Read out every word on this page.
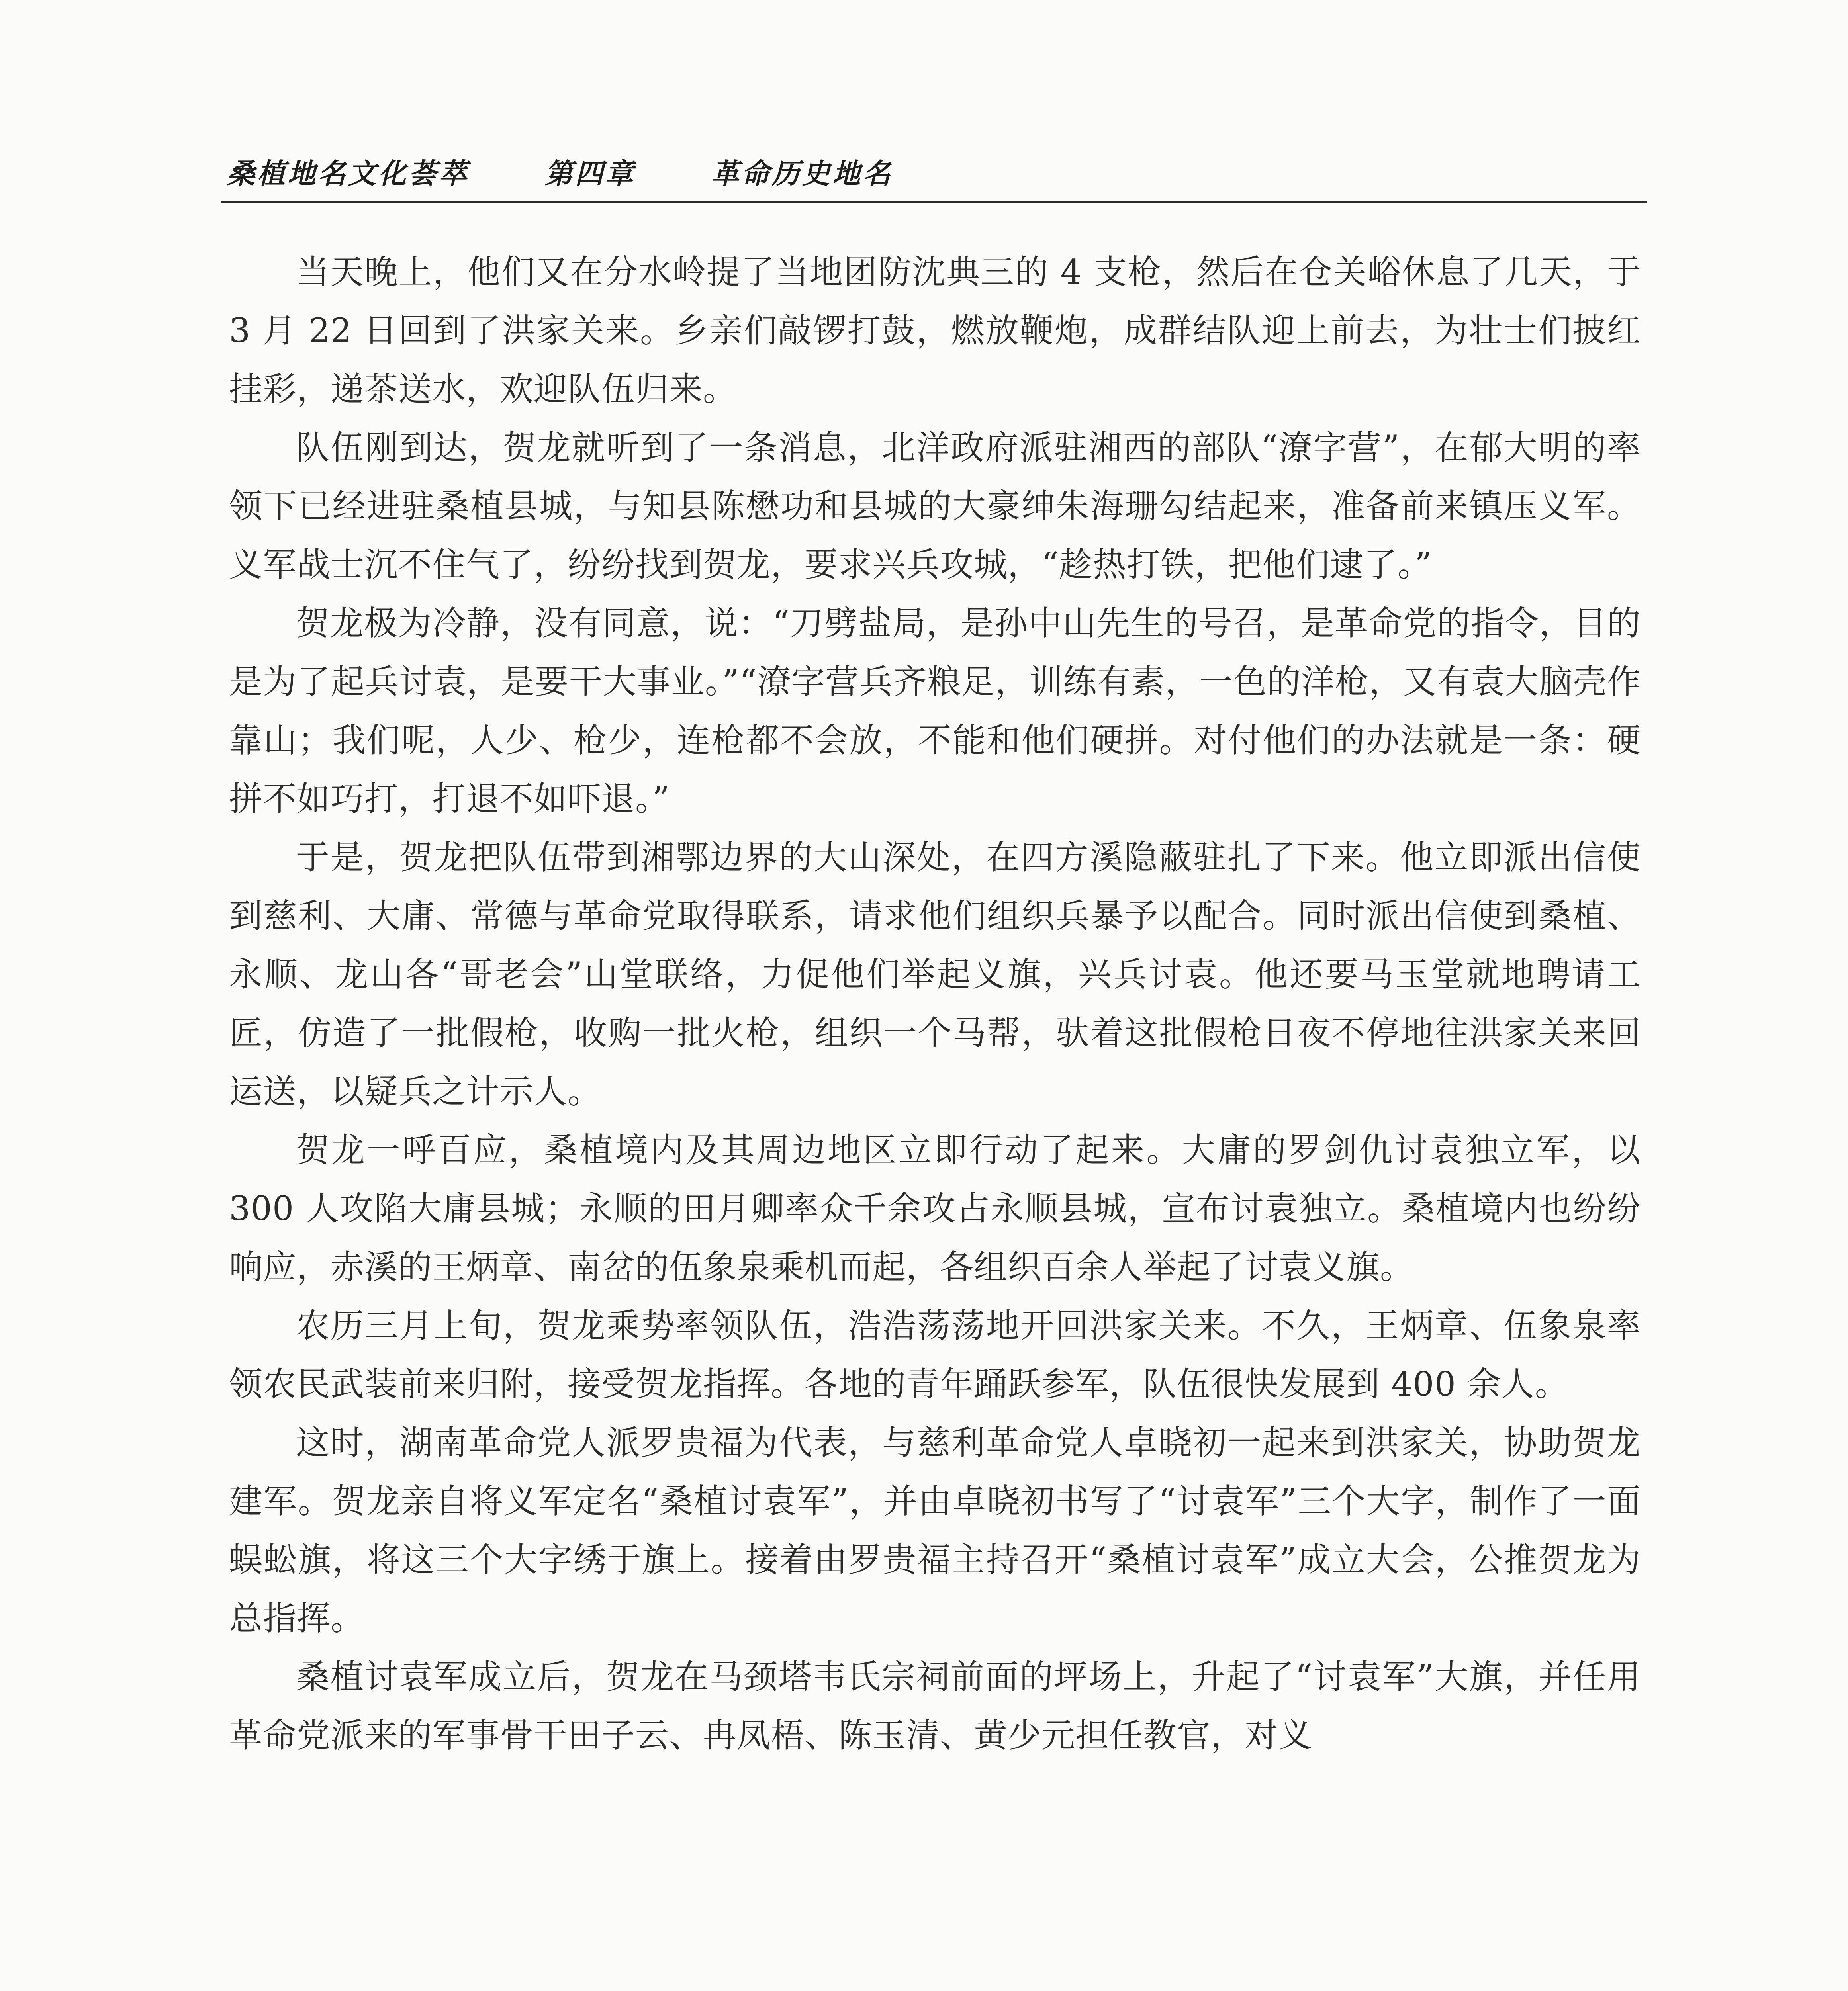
桑植地名文化荟萃	第四章	革命历史地名

当天晚上，他们又在分水岭提了当地团防沈典三的 4 支枪，然后在仓关峪休息了几天，于 3 月 22 日回到了洪家关来。乡亲们敲锣打鼓，燃放鞭炮，成群结队迎上前去，为壮士们披红挂彩，递茶送水，欢迎队伍归来。

队伍刚到达，贺龙就听到了一条消息，北洋政府派驻湘西的部队“潦字营”，在郁大明的率领下已经进驻桑植县城，与知县陈懋功和县城的大豪绅朱海珊勾结起来，准备前来镇压义军。义军战士沉不住气了，纷纷找到贺龙，要求兴兵攻城，“趁热打铁，把他们逮了。”

贺龙极为冷静，没有同意，说：“刀劈盐局，是孙中山先生的号召，是革命党的指令，目的是为了起兵讨袁，是要干大事业。”“潦字营兵齐粮足，训练有素，一色的洋枪，又有袁大脑壳作靠山；我们呢，人少、枪少，连枪都不会放，不能和他们硬拼。对付他们的办法就是一条：硬拼不如巧打，打退不如吓退。”

于是，贺龙把队伍带到湘鄂边界的大山深处，在四方溪隐蔽驻扎了下来。他立即派出信使到慈利、大庸、常德与革命党取得联系，请求他们组织兵暴予以配合。同时派出信使到桑植、永顺、龙山各“哥老会”山堂联络，力促他们举起义旗，兴兵讨袁。他还要马玉堂就地聘请工匠，仿造了一批假枪，收购一批火枪，组织一个马帮，驮着这批假枪日夜不停地往洪家关来回运送，以疑兵之计示人。

贺龙一呼百应，桑植境内及其周边地区立即行动了起来。大庸的罗剑仇讨袁独立军，以 300 人攻陷大庸县城；永顺的田月卿率众千余攻占永顺县城，宣布讨袁独立。桑植境内也纷纷响应，赤溪的王炳章、南岔的伍象泉乘机而起，各组织百余人举起了讨袁义旗。

农历三月上旬，贺龙乘势率领队伍，浩浩荡荡地开回洪家关来。不久，王炳章、伍象泉率领农民武装前来归附，接受贺龙指挥。各地的青年踊跃参军，队伍很快发展到 400 余人。

这时，湖南革命党人派罗贵福为代表，与慈利革命党人卓晓初一起来到洪家关，协助贺龙建军。贺龙亲自将义军定名“桑植讨袁军”，并由卓晓初书写了“讨袁军”三个大字，制作了一面蜈蚣旗，将这三个大字绣于旗上。接着由罗贵福主持召开“桑植讨袁军”成立大会，公推贺龙为总指挥。

桑植讨袁军成立后，贺龙在马颈塔韦氏宗祠前面的坪场上，升起了“讨袁军”大旗，并任用革命党派来的军事骨干田子云、冉凤梧、陈玉清、黄少元担任教官，对义
